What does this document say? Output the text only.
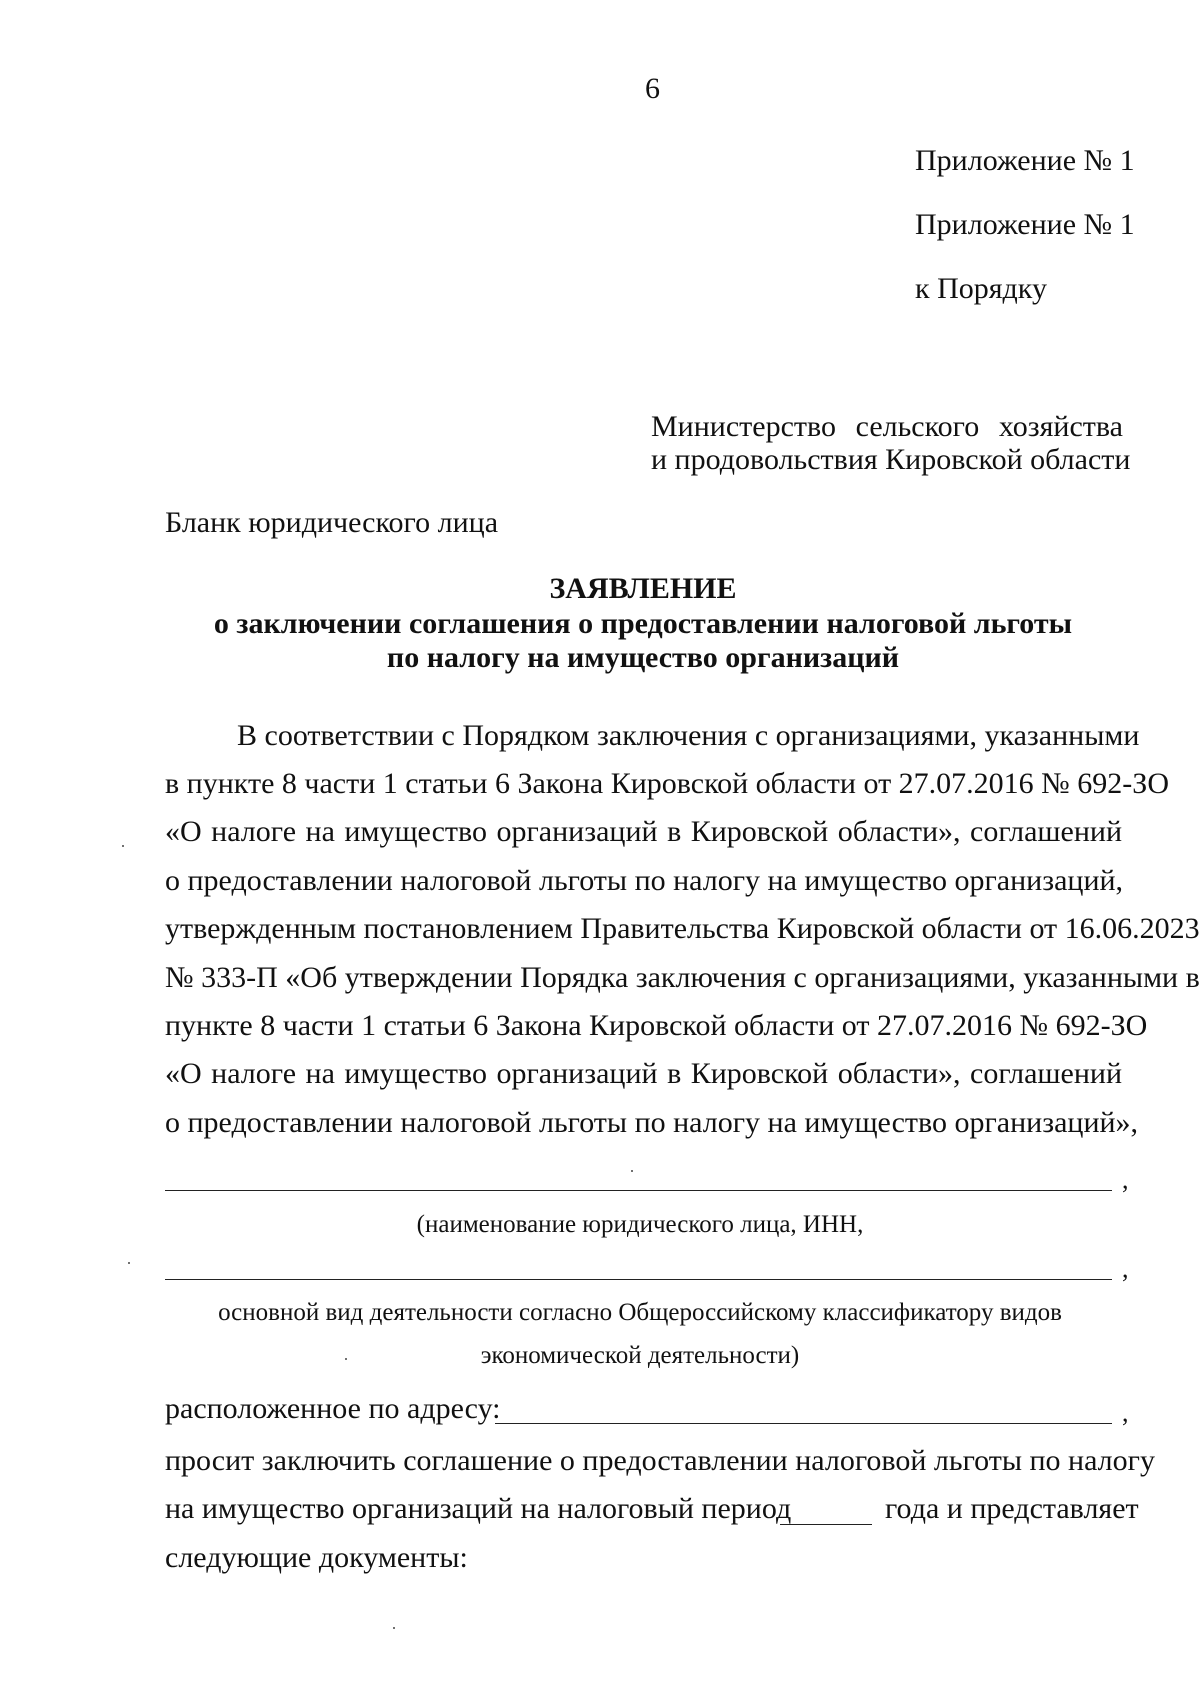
6
Приложение № 1
Приложение № 1
к Порядку
Министерство сельского хозяйства
и продовольствия Кировской области
Бланк юридического лица
ЗАЯВЛЕНИЕ
о заключении соглашения о предоставлении налоговой льготы
по налогу на имущество организаций
В соответствии с Порядком заключения с организациями, указанными
в пункте 8 части 1 статьи 6 Закона Кировской области от 27.07.2016 № 692-ЗО
«О налоге на имущество организаций в Кировской области», соглашений
о предоставлении налоговой льготы по налогу на имущество организаций,
утвержденным постановлением Правительства Кировской области от 16.06.2023
№ 333-П «Об утверждении Порядка заключения с организациями, указанными в
пункте 8 части 1 статьи 6 Закона Кировской области от 27.07.2016 № 692-ЗО
«О налоге на имущество организаций в Кировской области», соглашений
о предоставлении налоговой льготы по налогу на имущество организаций»,
,
(наименование юридического лица, ИНН,
,
основной вид деятельности согласно Общероссийскому классификатору видов
экономической деятельности)
расположенное по адресу:	,
просит заключить соглашение о предоставлении налоговой льготы по налогу
на имущество организаций на налоговый период	года и представляет
следующие документы:
